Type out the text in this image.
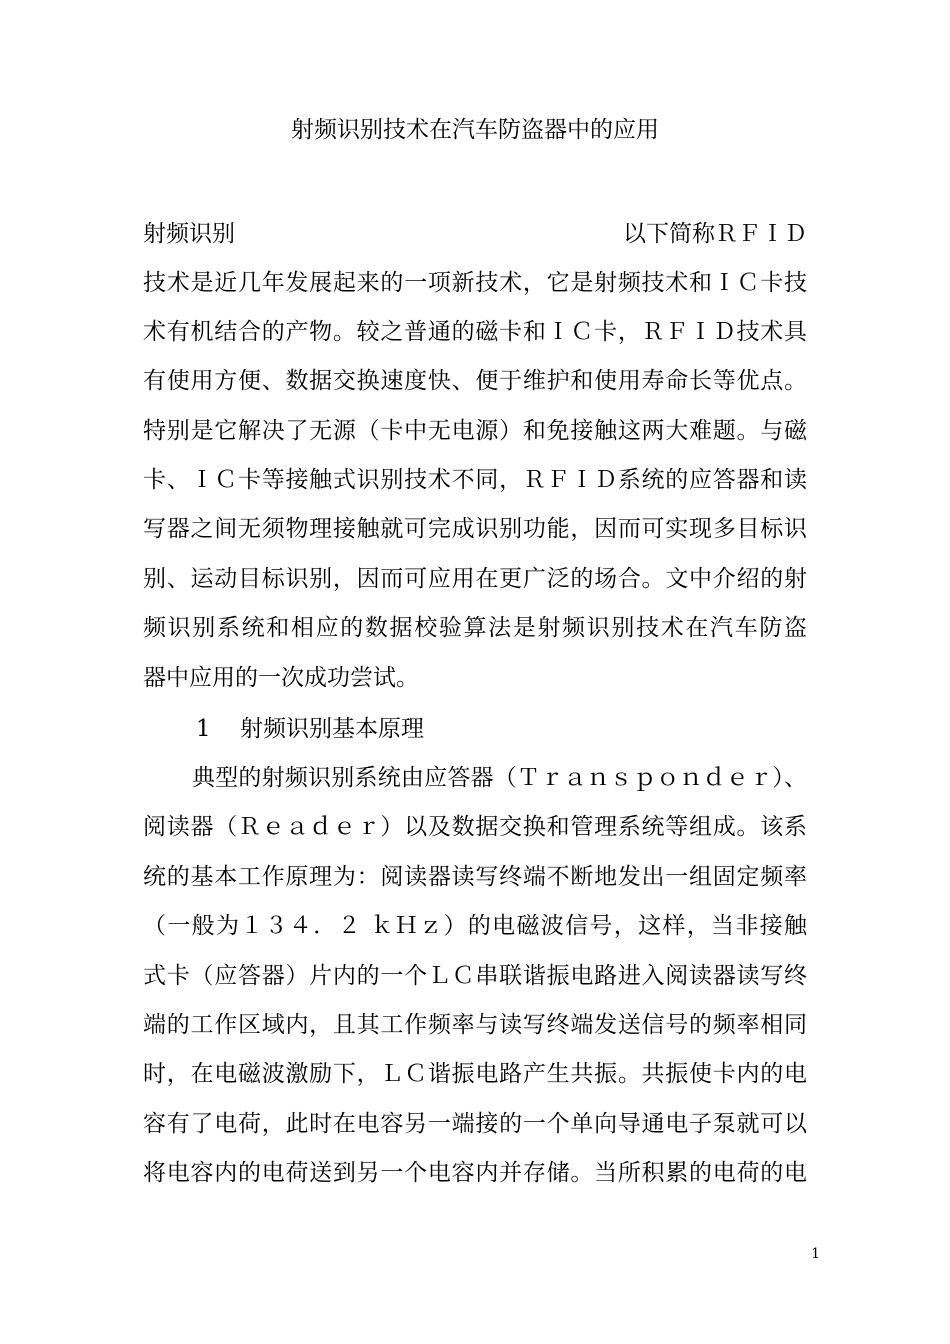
射频识别技术在汽车防盗器中的应用
射频识别	以下简称ＲＦＩＤ

技术是近几年发展起来的一项新技术，它是射频技术和ＩＣ卡技

术有机结合的产物。较之普通的磁卡和ＩＣ卡，ＲＦＩＤ技术具

有使用方便、数据交换速度快、便于维护和使用寿命长等优点。

特别是它解决了无源（卡中无电源）和免接触这两大难题。与磁

卡、ＩＣ卡等接触式识别技术不同，ＲＦＩＤ系统的应答器和读

写器之间无须物理接触就可完成识别功能，因而可实现多目标识

别、运动目标识别，因而可应用在更广泛的场合。文中介绍的射

频识别系统和相应的数据校验算法是射频识别技术在汽车防盗

器中应用的一次成功尝试。

1 射频识别基本原理

典型的射频识别系统由应答器（Ｔｒａｎｓｐｏｎｄｅｒ）、

阅读器（Ｒｅａｄｅｒ）以及数据交换和管理系统等组成。该系

统的基本工作原理为：阅读器读写终端不断地发出一组固定频率

（一般为１３４．２ ｋＨｚ）的电磁波信号，这样，当非接触

式卡（应答器）片内的一个ＬＣ串联谐振电路进入阅读器读写终

端的工作区域内，且其工作频率与读写终端发送信号的频率相同

时，在电磁波激励下，ＬＣ谐振电路产生共振。共振使卡内的电

容有了电荷，此时在电容另一端接的一个单向导通电子泵就可以

将电容内的电荷送到另一个电容内并存储。当所积累的电荷的电

1
